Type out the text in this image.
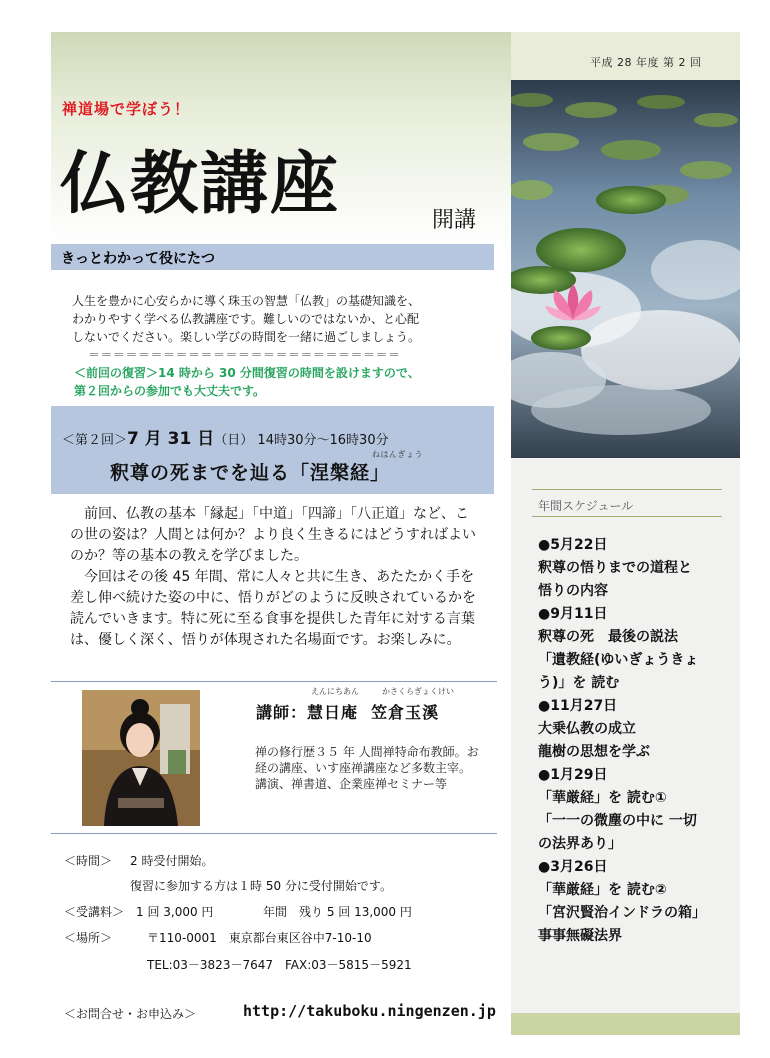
平成 28 年度 第 2 回
禅道場で学ぼう！
仏教講座	開講
きっとわかって役にたつ
人生を豊かに心安らかに導く珠玉の智慧「仏教」の基礎知識を、
わかりやすく学べる仏教講座です。難しいのではないか、と心配
しないでください。楽しい学びの時間を一緒に過ごしましょう。
＝＝＝＝＝＝＝＝＝＝＝＝＝＝＝＝＝＝＝＝＝＝＝＝＝
＜前回の復習＞14 時から 30 分間復習の時間を設けますので、
第２回からの参加でも大丈夫です。
＜第２回＞7 月 31 日（日） 14時30分～16時30分
ねはんぎょう
釈尊の死までを辿る「涅槃経」
前回、仏教の基本「縁起」「中道」「四諦」「八正道」など、この世の姿は？人間とは何か？より良く生きるにはどうすればよいのか？等の基本の教えを学びました。
今回はその後 45 年間、常に人々と共に生き、あたたかく手を差し伸べ続けた姿の中に、悟りがどのように反映されているかを読んでいきます。特に死に至る食事を提供した青年に対する言葉は、優しく深く、悟りが体現された名場面です。お楽しみに。
えんにちあん	かさくらぎょくけい
講師：慧日庵 笠倉玉溪
禅の修行歴３５ 年 人間禅特命布教師。お経の講座、いす座禅講座など多数主宰。講演、禅書道、企業座禅セミナー等
＜時間＞ 2 時受付開始。
復習に参加する方は１時 50 分に受付開始です。
＜受講料＞ 1 回 3,000 円	年間　残り 5 回 13,000 円
＜場所＞	〒110-0001　東京都台東区谷中7-10-10
TEL:03－3823－7647　FAX:03－5815－5921
＜お問合せ・お申込み＞	http://takuboku.ningenzen.jp
年間スケジュール
●5月22日
釈尊の悟りまでの道程と
悟りの内容
●9月11日
釈尊の死　最後の説法
「遺教経(ゆいぎょうきょ
う)」を 読む
●11月27日
大乗仏教の成立
龍樹の思想を学ぶ
●1月29日
「華厳経」を 読む①
「一一の微塵の中に 一切
の法界あり」
●3月26日
「華厳経」を 読む②
「宮沢賢治インドラの箱」
事事無礙法界
